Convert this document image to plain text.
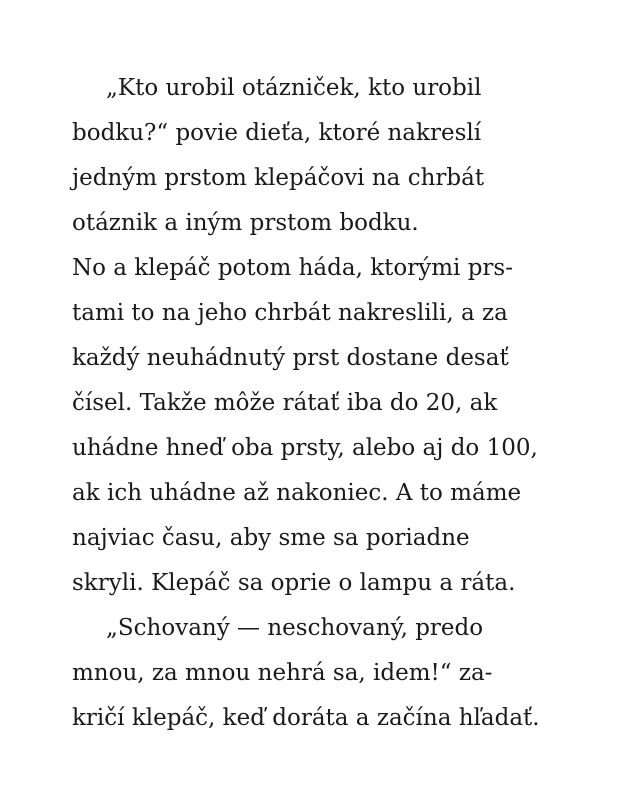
„Kto urobil otázniček, kto urobil
bodku?“ povie dieťa, ktoré nakreslí
jedným prstom klepáčovi na chrbát
otáznik a iným prstom bodku.
No a klepáč potom háda, ktorými prs-
tami to na jeho chrbát nakreslili, a za
každý neuhádnutý prst dostane desať
čísel. Takže môže rátať iba do 20, ak
uhádne hneď oba prsty, alebo aj do 100,
ak ich uhádne až nakoniec. A to máme
najviac času, aby sme sa poriadne
skryli. Klepáč sa oprie o lampu a ráta.
„Schovaný — neschovaný, predo
mnou, za mnou nehrá sa, idem!“ za-
kričí klepáč, keď doráta a začína hľadať.
